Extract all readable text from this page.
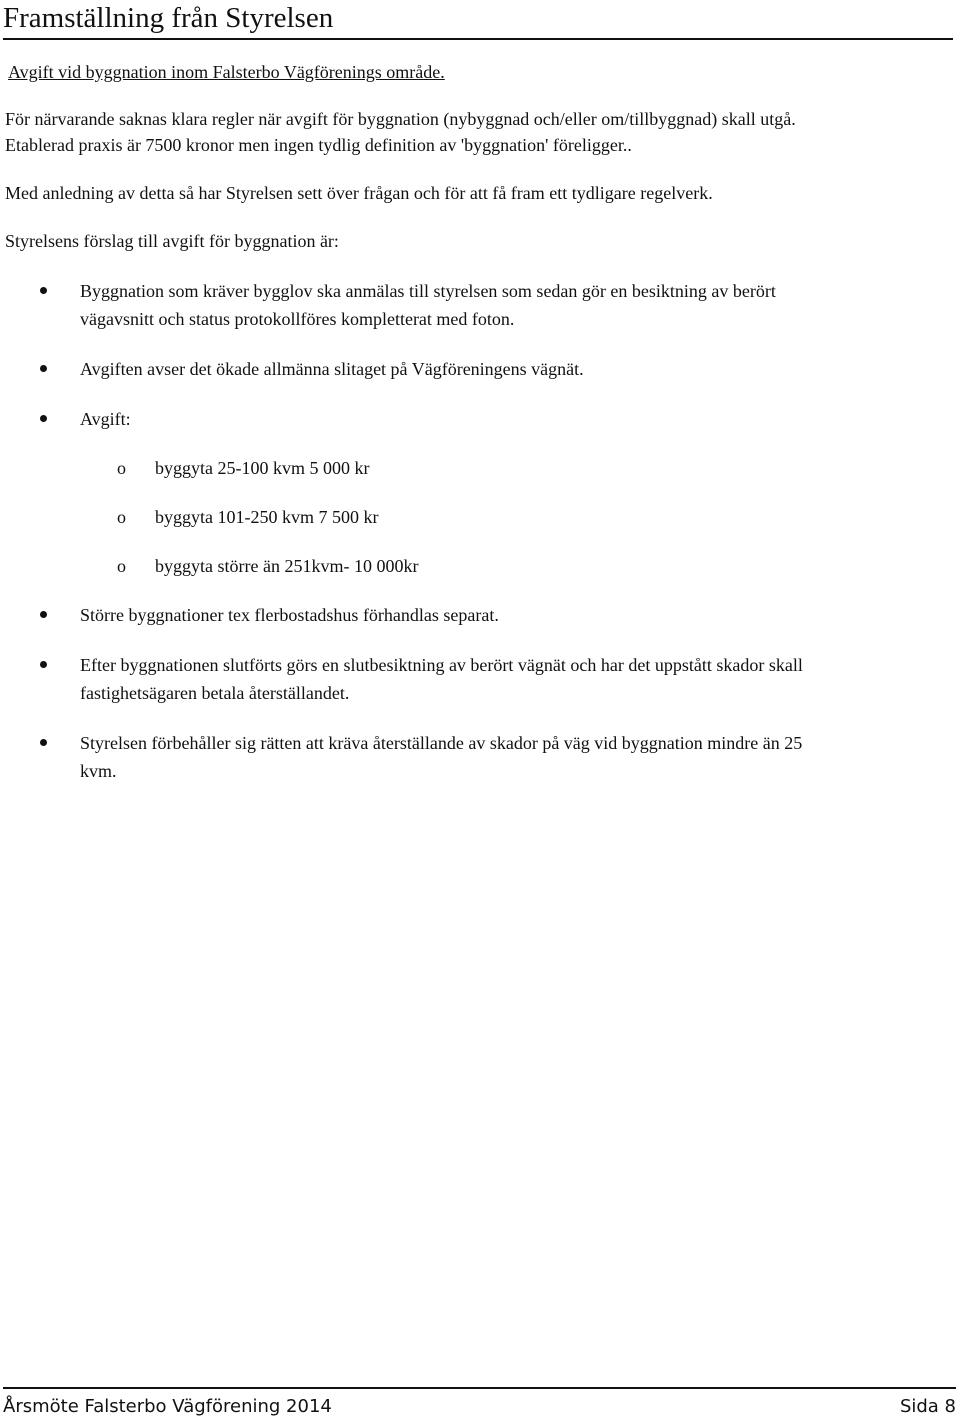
Framställning från Styrelsen
Avgift vid byggnation inom Falsterbo Vägförenings område.
För närvarande saknas klara regler när avgift för byggnation (nybyggnad och/eller om/tillbyggnad) skall utgå.
Etablerad praxis är 7500 kronor men ingen tydlig definition av 'byggnation' föreligger..
Med anledning av detta så har Styrelsen sett över frågan och för att få fram ett tydligare regelverk.
Styrelsens förslag till avgift för byggnation är:
Byggnation som kräver bygglov ska anmälas till styrelsen som sedan gör en besiktning av berört
vägavsnitt och status protokollföres kompletterat med foton.
Avgiften avser det ökade allmänna slitaget på Vägföreningens vägnät.
Avgift:
o	byggyta 25-100 kvm 5 000 kr
o	byggyta 101-250 kvm 7 500 kr
o	byggyta större än 251kvm- 10 000kr
Större byggnationer tex flerbostadshus förhandlas separat.
Efter byggnationen slutförts görs en slutbesiktning av berört vägnät och har det uppstått skador skall
fastighetsägaren betala återställandet.
Styrelsen förbehåller sig rätten att kräva återställande av skador på väg vid byggnation mindre än 25
kvm.
Årsmöte Falsterbo Vägförening 2014	Sida 8
